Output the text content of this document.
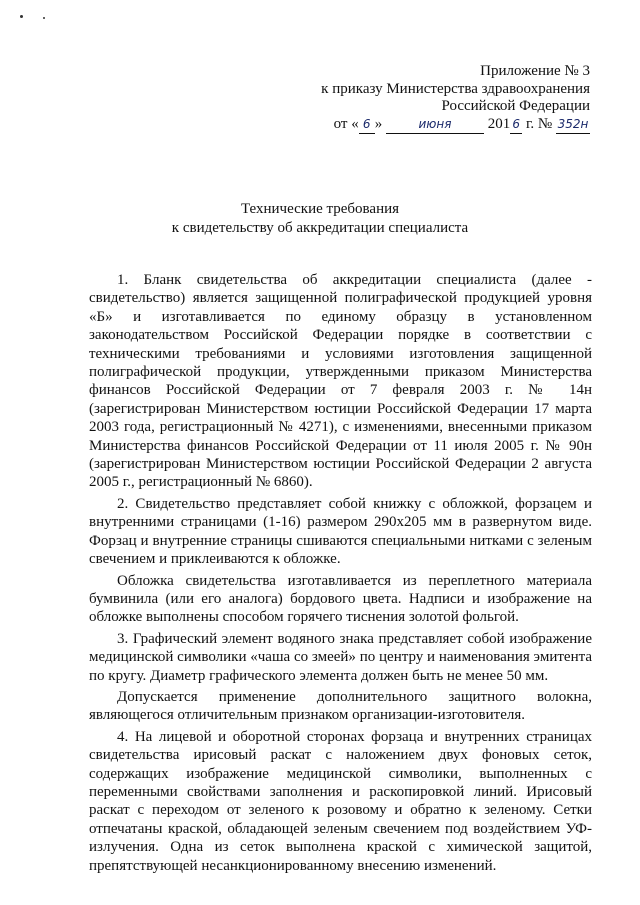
Приложение № 3
к приказу Министерства здравоохранения
Российской Федерации
от « 6 »	июня 201 6 г. № 352н
Технические требования
к свидетельству об аккредитации специалиста

1. Бланк свидетельства об аккредитации специалиста (далее - свидетельство) является защищенной полиграфической продукцией уровня «Б» и изготавливается по единому образцу в установленном законодательством Российской Федерации порядке в соответствии с техническими требованиями и условиями изготовления защищенной полиграфической продукции, утвержденными приказом Министерства финансов Российской Федерации от 7 февраля 2003 г. № 14н (зарегистрирован Министерством юстиции Российской Федерации 17 марта 2003 года, регистрационный № 4271), с изменениями, внесенными приказом Министерства финансов Российской Федерации от 11 июля 2005 г. № 90н (зарегистрирован Министерством юстиции Российской Федерации 2 августа 2005 г., регистрационный № 6860).

2. Свидетельство представляет собой книжку с обложкой, форзацем и внутренними страницами (1-16) размером 290x205 мм в развернутом виде. Форзац и внутренние страницы сшиваются специальными нитками с зеленым свечением и приклеиваются к обложке.

Обложка свидетельства изготавливается из переплетного материала бумвинила (или его аналога) бордового цвета. Надписи и изображение на обложке выполнены способом горячего тиснения золотой фольгой.

3. Графический элемент водяного знака представляет собой изображение медицинской символики «чаша со змеей» по центру и наименования эмитента по кругу. Диаметр графического элемента должен быть не менее 50 мм.

Допускается применение дополнительного защитного волокна, являющегося отличительным признаком организации-изготовителя.

4. На лицевой и оборотной сторонах форзаца и внутренних страницах свидетельства ирисовый раскат с наложением двух фоновых сеток, содержащих изображение медицинской символики, выполненных с переменными свойствами заполнения и раскопировкой линий. Ирисовый раскат с переходом от зеленого к розовому и обратно к зеленому. Сетки отпечатаны краской, обладающей зеленым свечением под воздействием УФ-излучения. Одна из сеток выполнена краской с химической защитой, препятствующей несанкционированному внесению изменений.
